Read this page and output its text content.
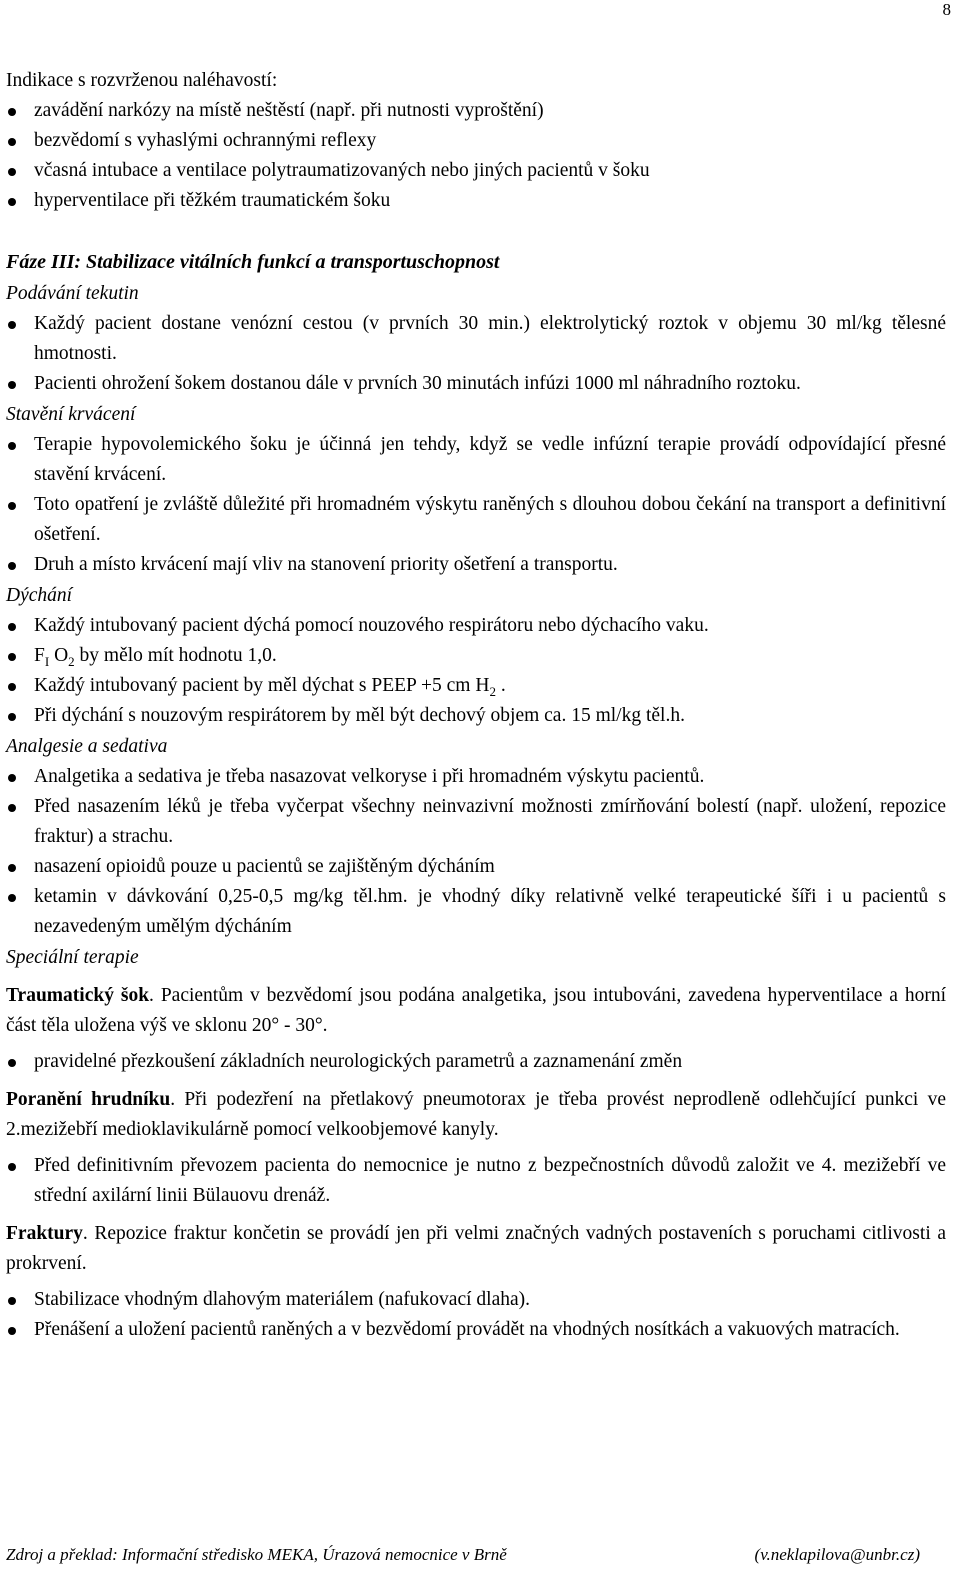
8

Indikace s rozvrženou naléhavostí:

zavádění narkózy na místě neštěstí (např. při nutnosti vyproštění)
bezvědomí s vyhaslými ochrannými reflexy
včasná intubace a ventilace polytraumatizovaných nebo jiných pacientů v šoku
hyperventilace při těžkém traumatickém šoku

Fáze III: Stabilizace vitálních funkcí a transportuschopnost

Podávání tekutin

Každý pacient dostane venózní cestou (v prvních 30 min.) elektrolytický roztok v objemu 30 ml/kg tělesné hmotnosti.
Pacienti ohrožení šokem dostanou dále v prvních 30 minutách infúzi 1000 ml náhradního roztoku.

Stavění krvácení

Terapie hypovolemického šoku je účinná jen tehdy, když se vedle infúzní terapie provádí odpovídající přesné stavění krvácení.
Toto opatření je zvláště důležité při hromadném výskytu raněných s dlouhou dobou čekání na transport a definitivní ošetření.
Druh a místo krvácení mají vliv na stanovení priority ošetření a transportu.

Dýchání

Každý intubovaný pacient dýchá pomocí nouzového respirátoru nebo dýchacího vaku.
$F_I$ $O_2$ by mělo mít hodnotu 1,0.
Každý intubovaný pacient by měl dýchat s PEEP +5 cm $H_2$ .
Při dýchání s nouzovým respirátorem by měl být dechový objem ca. 15 ml/kg těl.h.

Analgesie a sedativa

Analgetika a sedativa je třeba nasazovat velkoryse i při hromadném výskytu pacientů.
Před nasazením léků je třeba vyčerpat všechny neinvazivní možnosti zmírňování bolestí (např. uložení, repozice fraktur) a strachu.
nasazení opioidů pouze u pacientů se zajištěným dýcháním
ketamin v dávkování 0,25-0,5 mg/kg těl.hm. je vhodný díky relativně velké terapeutické šíři i u pacientů s nezavedeným umělým dýcháním

Speciální terapie

Traumatický šok. Pacientům v bezvědomí jsou podána analgetika, jsou intubováni, zavedena hyperventilace a horní část těla uložena výš ve sklonu 20° - 30°.

pravidelné přezkoušení základních neurologických parametrů a zaznamenání změn

Poranění hrudníku. Při podezření na přetlakový pneumotorax je třeba provést neprodleně odlehčující punkci ve 2.mezižebří medioklavikulárně pomocí velkoobjemové kanyly.

Před definitivním převozem pacienta do nemocnice je nutno z bezpečnostních důvodů založit ve 4. mezižebří ve střední axilární linii Bülauovu drenáž.

Fraktury. Repozice fraktur končetin se provádí jen při velmi značných vadných postaveních s poruchami citlivosti a prokrvení.

Stabilizace vhodným dlahovým materiálem (nafukovací dlaha).
Přenášení a uložení pacientů raněných a v bezvědomí provádět na vhodných nosítkách a vakuových matracích.
Zdroj a překlad: Informační středisko MEKA, Úrazová nemocnice v Brně	(v.neklapilova@unbr.cz)
